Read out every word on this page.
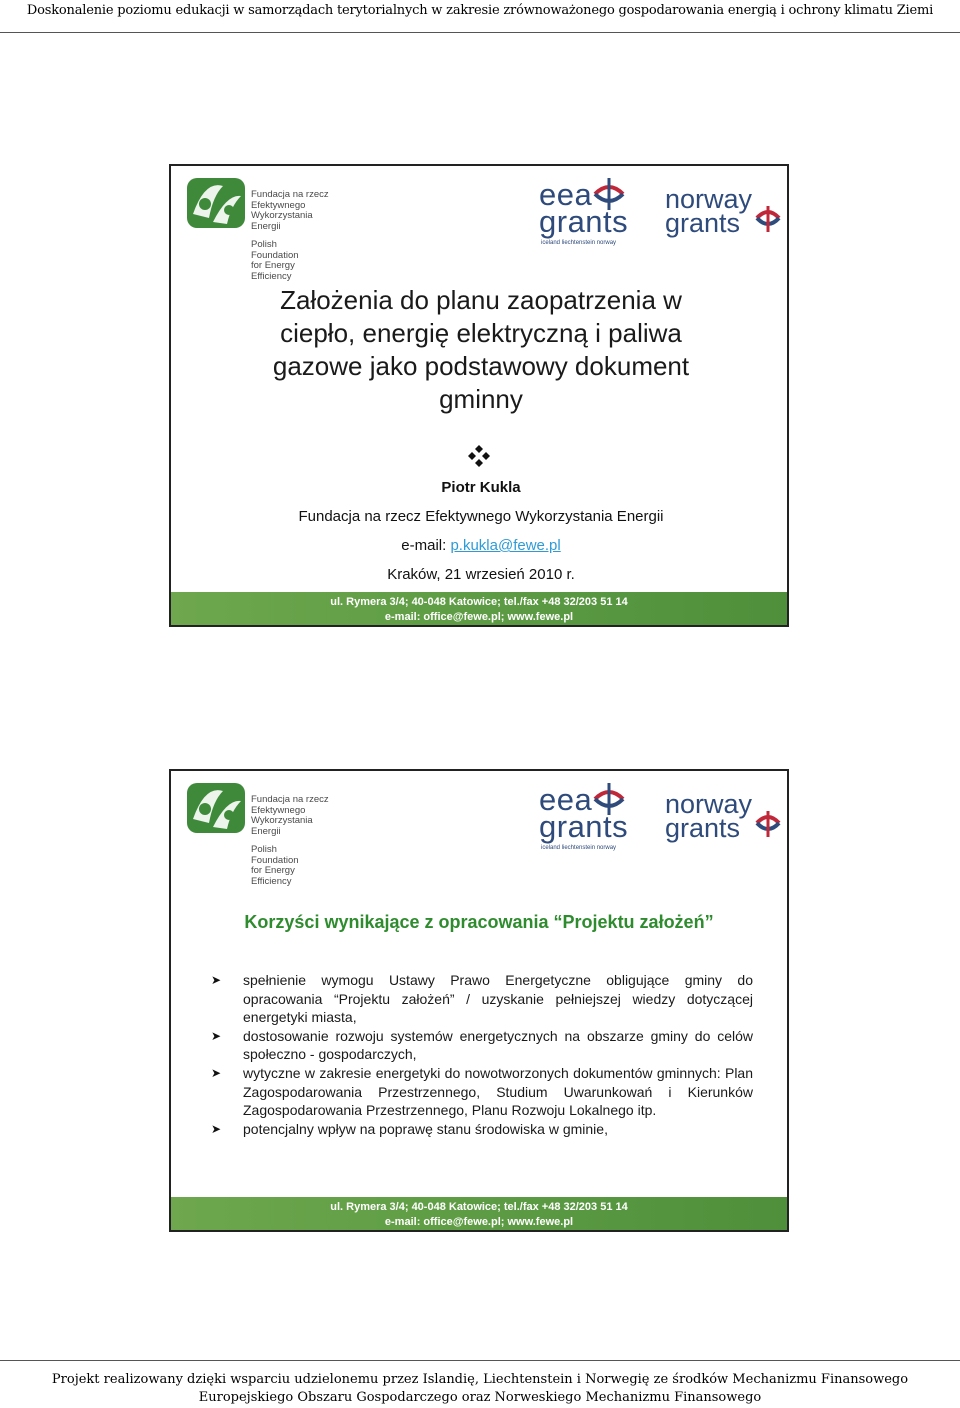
Doskonalenie poziomu edukacji w samorządach terytorialnych w zakresie zrównoważonego gospodarowania energią i ochrony klimatu Ziemi
Fundacja na rzecz
Efektywnego
Wykorzystania
Energii
Polish
Foundation
for Energy
Efficiency
eea
grants
iceland liechtenstein norway
norway
grants
Założenia do planu zaopatrzenia w
ciepło, energię elektryczną i paliwa
gazowe jako podstawowy dokument
gminny
Piotr Kukla
Fundacja na rzecz Efektywnego Wykorzystania Energii
e-mail: p.kukla@fewe.pl
Kraków, 21 wrzesień 2010 r.
ul. Rymera 3/4; 40-048 Katowice; tel./fax +48 32/203 51 14
e-mail: office@fewe.pl; www.fewe.pl
Fundacja na rzecz
Efektywnego
Wykorzystania
Energii
Polish
Foundation
for Energy
Efficiency
eea
grants
iceland liechtenstein norway
norway
grants
Korzyści wynikające z opracowania “Projektu założeń”
➤ spełnienie wymogu Ustawy Prawo Energetyczne obligujące gminy do opracowania “Projektu założeń” / uzyskanie pełniejszej wiedzy dotyczącej energetyki miasta,
➤ dostosowanie rozwoju systemów energetycznych na obszarze gminy do celów społeczno - gospodarczych,
➤ wytyczne w zakresie energetyki do nowotworzonych dokumentów gminnych: Plan Zagospodarowania Przestrzennego, Studium Uwarunkowań i Kierunków Zagospodarowania Przestrzennego, Planu Rozwoju Lokalnego itp.
➤ potencjalny wpływ na poprawę stanu środowiska w gminie,
ul. Rymera 3/4; 40-048 Katowice; tel./fax +48 32/203 51 14
e-mail: office@fewe.pl; www.fewe.pl
Projekt realizowany dzięki wsparciu udzielonemu przez Islandię, Liechtenstein i Norwegię ze środków Mechanizmu Finansowego
Europejskiego Obszaru Gospodarczego oraz Norweskiego Mechanizmu Finansowego
